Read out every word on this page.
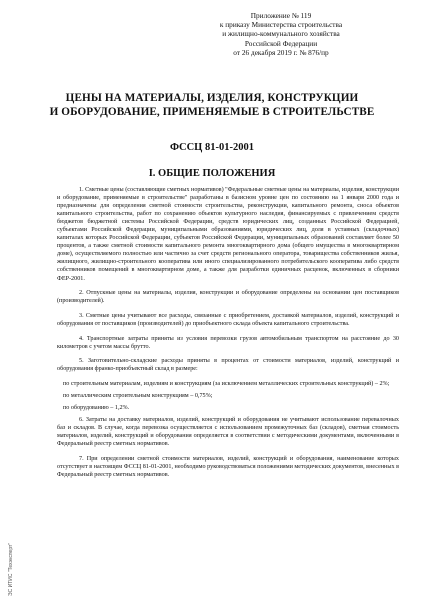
Приложение № 119
к приказу Министерства строительства
и жилищно-коммунального хозяйства
Российской Федерации
от 26 декабря 2019 г. № 876/пр
ЦЕНЫ НА МАТЕРИАЛЫ, ИЗДЕЛИЯ, КОНСТРУКЦИИ
И ОБОРУДОВАНИЕ, ПРИМЕНЯЕМЫЕ В СТРОИТЕЛЬСТВЕ
ФССЦ 81-01-2001
I. ОБЩИЕ ПОЛОЖЕНИЯ

1. Сметные цены (составляющие сметных нормативов) "Федеральные сметные цены на материалы, изделия, конструкции и оборудование, применяемые в строительстве" разработаны в базисном уровне цен по состоянию на 1 января 2000 года и предназначены для определения сметной стоимости строительства, реконструкции, капитального ремонта, сноса объектов капитального строительства, работ по сохранению объектов культурного наследия, финансируемых с привлечением средств бюджетов бюджетной системы Российской Федерации, средств юридических лиц, созданных Российской Федерацией, субъектами Российской Федерации, муниципальными образованиями, юридических лиц, доля в уставных (складочных) капиталах которых Российской Федерации, субъектов Российской Федерации, муниципальных образований составляет более 50 процентов, а также сметной стоимости капитального ремонта многоквартирного дома (общего имущества в многоквартирном доме), осуществляемого полностью или частично за счет средств регионального оператора, товарищества собственников жилья, жилищного, жилищно-строительного кооператива или иного специализированного потребительского кооператива либо средств собственников помещений в многоквартирном доме, а также для разработки единичных расценок, включенных в сборники ФЕР-2001.

2. Отпускные цены на материалы, изделия, конструкции и оборудование определены на основании цен поставщиков (производителей).

3. Сметные цены учитывают все расходы, связанные с приобретением, доставкой материалов, изделий, конструкций и оборудования от поставщиков (производителей) до приобъектного склада объекта капитального строительства.

4. Транспортные затраты приняты из условия перевозки грузов автомобильным транспортом на расстояние до 30 километров с учетом массы брутто.

5. Заготовительно-складские расходы приняты в процентах от стоимости материалов, изделий, конструкций и оборудования франко-приобъектный склад в размере:

по строительным материалам, изделиям и конструкциям (за исключением металлических строительных конструкций) – 2%;

по металлическим строительным конструкциям – 0,75%;

по оборудованию – 1,2%.

6. Затраты на доставку материалов, изделий, конструкций и оборудования не учитывают использование перевалочных баз и складов. В случае, когда перевозка осуществляется с использованием промежуточных баз (складов), сметная стоимость материалов, изделий, конструкций и оборудования определяется в соответствии с методическими документами, включенными в Федеральный реестр сметных нормативов.

7. При определении сметной стоимости материалов, изделий, конструкций и оборудования, наименование которых отсутствует в настоящем ФССЦ 81-01-2001, необходимо руководствоваться положениями методических документов, внесенных в Федеральный реестр сметных нормативов.

ЭС ИТИС "Техэксперт"
